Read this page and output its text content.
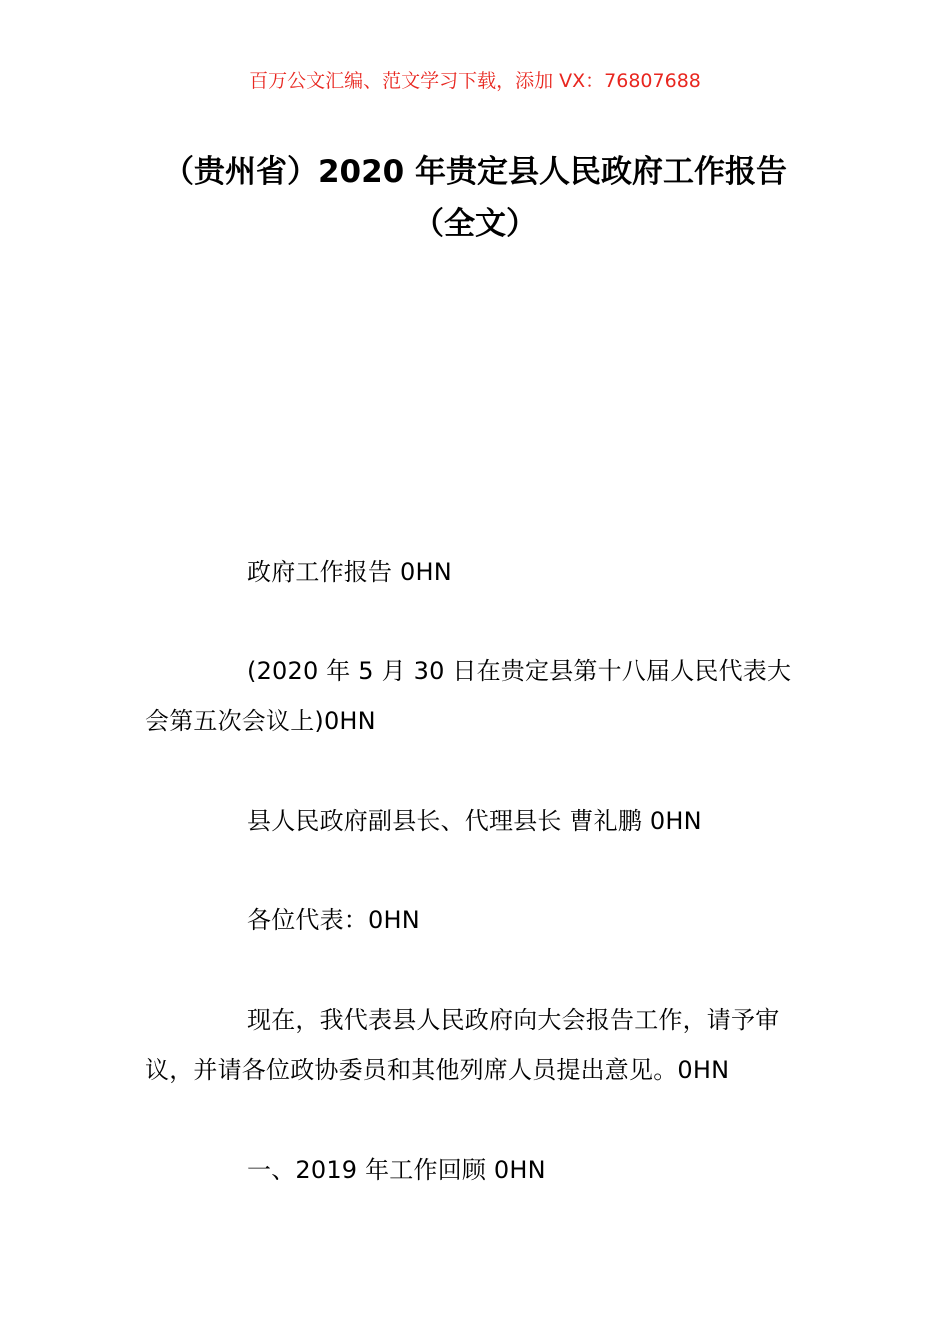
百万公文汇编、范文学习下载，添加 VX：76807688
（贵州省）2020 年贵定县人民政府工作报告（全文）
政府工作报告 0HN
(2020 年 5 月 30 日在贵定县第十八届人民代表大会第五次会议上)0HN
县人民政府副县长、代理县长 曹礼鹏 0HN
各位代表：0HN
现在，我代表县人民政府向大会报告工作，请予审议，并请各位政协委员和其他列席人员提出意见。0HN
一、2019 年工作回顾 0HN
